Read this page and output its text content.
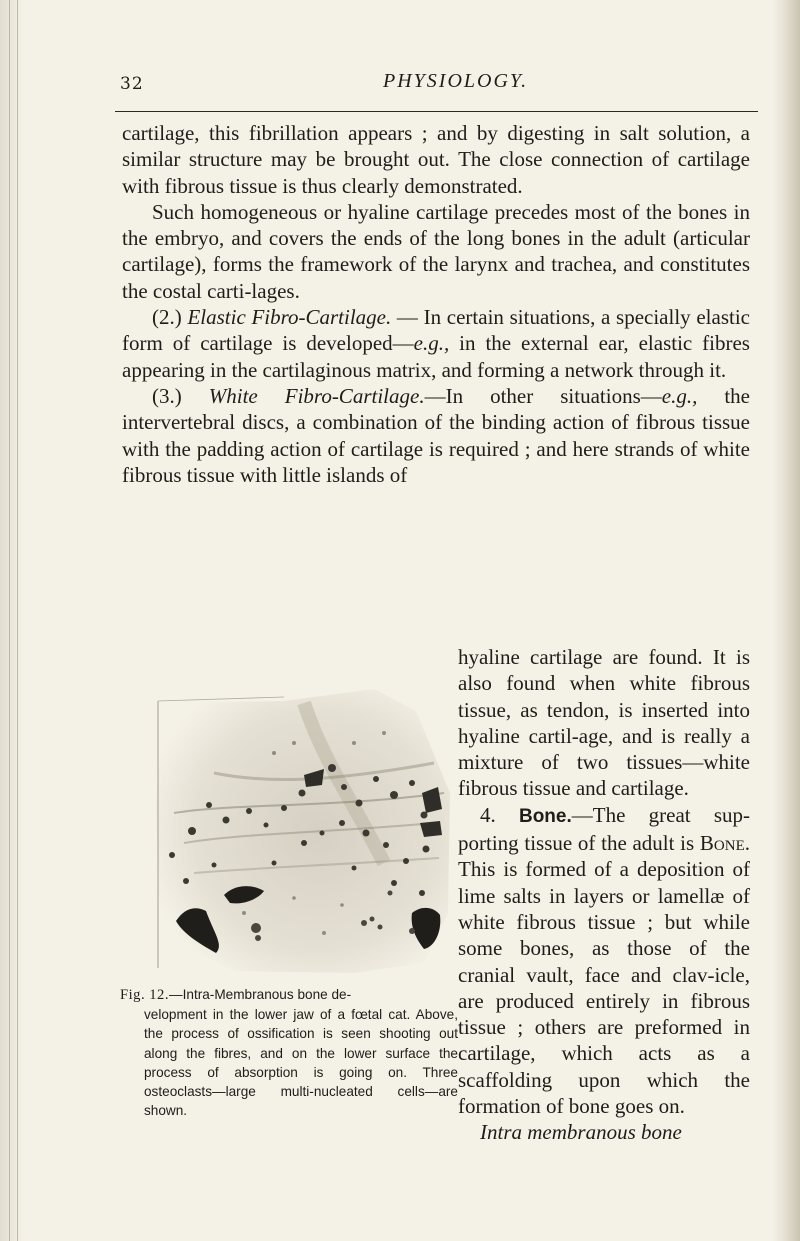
32	PHYSIOLOGY.

cartilage, this fibrillation appears ; and by digesting in salt solution, a similar structure may be brought out. The close connection of cartilage with fibrous tissue is thus clearly demonstrated.

Such homogeneous or hyaline cartilage precedes most of the bones in the embryo, and covers the ends of the long bones in the adult (articular cartilage), forms the framework of the larynx and trachea, and constitutes the costal carti-lages.

(2.) Elastic Fibro-Cartilage. — In certain situations, a specially elastic form of cartilage is developed—e.g., in the external ear, elastic fibres appearing in the cartilaginous matrix, and forming a network through it.

(3.) White Fibro-Cartilage.—In other situations—e.g., the intervertebral discs, a combination of the binding action of fibrous tissue with the padding action of cartilage is required ; and here strands of white fibrous tissue with little islands of

hyaline cartilage are found. It is also found when white fibrous tissue, as tendon, is inserted into hyaline cartil-age, and is really a mixture of two tissues—white fibrous tissue and cartilage.

4. Bone.—The great sup-porting tissue of the adult is Bone. This is formed of a deposition of lime salts in layers or lamellæ of white fibrous tissue ; but while some bones, as those of the cranial vault, face and clav-icle, are produced entirely in fibrous tissue ; others are preformed in cartilage, which acts as a scaffolding upon which the formation of bone goes on.

Intra membranous bone

Fig. 12.—Intra-Membranous bone de-
velopment in the lower jaw of a fœtal cat. Above, the process of ossification is seen shooting out along the fibres, and on the lower surface the process of absorption is going on. Three osteoclasts—large multi-nucleated cells—are shown.
